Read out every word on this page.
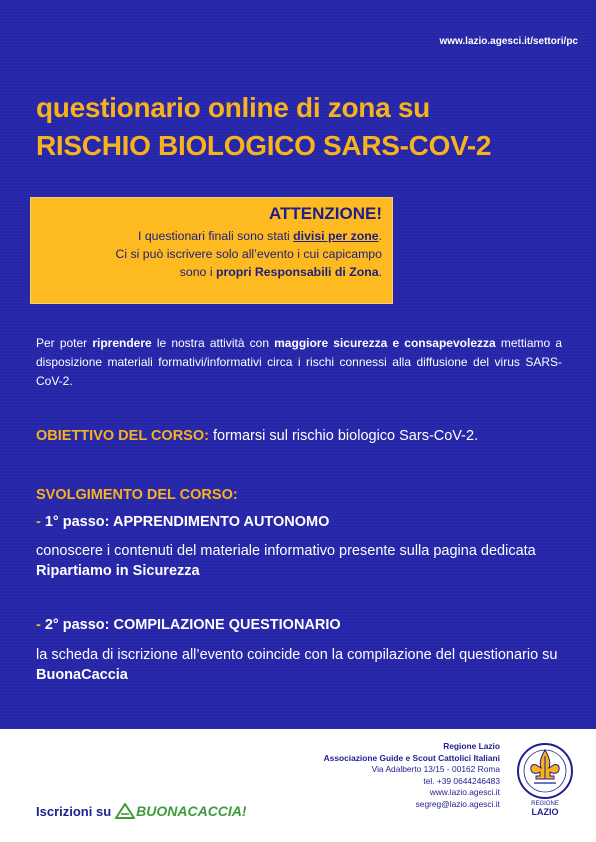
www.lazio.agesci.it/settori/pc
questionario online di zona su
RISCHIO BIOLOGICO SARS-COV-2
ATTENZIONE!
I questionari finali sono stati divisi per zone.
Ci si può iscrivere solo all’evento i cui capicampo
sono i propri Responsabili di Zona.
Per poter riprendere le nostra attività con maggiore sicurezza e consapevolezza mettiamo a disposizione materiali formativi/informativi circa i rischi connessi alla diffusione del virus SARS-CoV-2.
OBIETTIVO DEL CORSO: formarsi sul rischio biologico Sars-CoV-2.
SVOLGIMENTO DEL CORSO:
- 1° passo: APPRENDIMENTO AUTONOMO
conoscere i contenuti del materiale informativo presente sulla pagina dedicata Ripartiamo in Sicurezza
- 2° passo: COMPILAZIONE QUESTIONARIO
la scheda di iscrizione all’evento coincide con la compilazione del questionario su BuonaCaccia
Iscrizioni su BUONACACCIA!
Regione Lazio
Associazione Guide e Scout Cattolici Italiani
Via Adalberto 13/15 - 00162 Roma
tel. +39 0644246483
www.lazio.agesci.it
segreg@lazio.agesci.it	REGIONE
LAZIO
